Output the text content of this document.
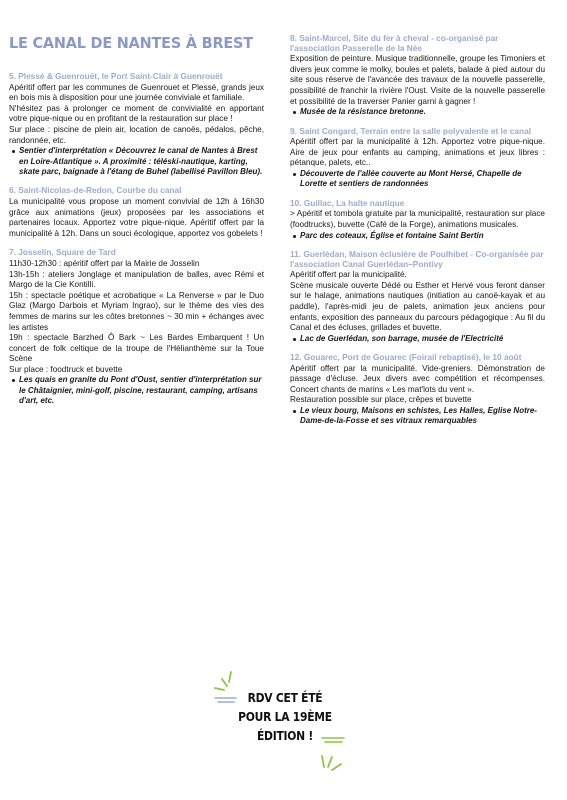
LE CANAL DE NANTES À BREST
5. Plessé & Guenrouët, le Port Saint-Clair à Guenrouët

Apéritif offert par les communes de Guenrouet et Plessé, grands jeux en bois mis à disposition pour une journée conviviale et familiale.

N'hésitez pas à prolonger ce moment de convivialité en apportant votre pique-nique ou en profitant de la restauration sur place !

Sur place : piscine de plein air, location de canoës, pédalos, pêche, randonnée, etc.

Sentier d'interprétation « Découvrez le canal de Nantes à Brest en Loire-Atlantique ». A proximité : téléski-nautique, karting, skate parc, baignade à l'étang de Buhel (labellisé Pavillon Bleu).
6. Saint-Nicolas-de-Redon, Courbe du canal

La municipalité vous propose un moment convivial de 12h à 16h30 grâce aux animations (jeux) proposées par les associations et partenaires locaux. Apportez votre pique-nique. Apéritif offert par la municipalité à 12h. Dans un souci écologique, apportez vos gobelets !

7. Josselin, Square de Tard

11h30-12h30 : apéritif offert par la Mairie de Josselin

13h-15h : ateliers Jonglage et manipulation de balles, avec Rémi et Margo de la Cie Kontilli.

15h : spectacle poétique et acrobatique « La Renverse » par le Duo Glaz (Margo Darbois et Myriam Ingrao), sur le thème des vies des femmes de marins sur les côtes bretonnes ~ 30 min + échanges avec les artistes

19h : spectacle Barzhed Ô Bark ~ Les Bardes Embarquent ! Un concert de folk celtique de la troupe de l'Hélianthème sur la Toue Scène

Sur place : foodtruck et buvette

Les quais en granite du Pont d'Oust, sentier d'interprétation sur le Châtaignier, mini-golf, piscine, restaurant, camping, artisans d'art, etc.
8. Saint-Marcel, Site du fer à cheval - co-organisé par l'association Passerelle de la Née

Exposition de peinture. Musique traditionnelle, groupe les Timoniers et divers jeux comme le molky, boules et palets, balade à pied autour du site sous réserve de l'avancée des travaux de la nouvelle passerelle, possibilité de franchir la rivière l'Oust. Visite de la nouvelle passerelle et possibilité de la traverser Panier garni à gagner !

Musée de la résistance bretonne.
9. Saint Congard, Terrain entre la salle polyvalente et le canal

Apéritif offert par la municipalité à 12h. Apportez votre pique-nique. Aire de jeux pour enfants au camping, animations et jeux libres : pétanque, palets, etc..

Découverte de l'allée couverte au Mont Hersé, Chapelle de Lorette et sentiers de randonnées
10. Guillac, La halte nautique

> Apéritif et tombola gratuite par la municipalité, restauration sur place (foodtrucks), buvette (Café de la Forge), animations musicales.

Parc des coteaux, Église et fontaine Saint Bertin
11. Guerlédan, Maison éclusière de Poulhibet - Co-organisée par l'association Canal Guerlédan–Pontivy

Apéritif offert par la municipalité.

Scène musicale ouverte Dédé ou Esther et Hervé vous feront danser sur le halage, animations nautiques (initiation au canoë-kayak et au paddle), l'après-midi jeu de palets, animation jeux anciens pour enfants, exposition des panneaux du parcours pédagogique : Au fil du Canal et des écluses, grillades et buvette.

Lac de Guerlédan, son barrage, musée de l'Electricité
12. Gouarec, Port de Gouarec (Foirail rebaptisé), le 10 août

Apéritif offert par la municipalité. Vide-greniers. Démonstration de passage d'écluse. Jeux divers avec compétition et récompenses. Concert chants de marins « Les mat'lots du vent ».

Restauration possible sur place, crêpes et buvette

Le vieux bourg, Maisons en schistes, Les Halles, Eglise Notre-Dame-de-la-Fosse et ses vitraux remarquables
RDV CET ÉTÉ
POUR LA 19ÈME
ÉDITION !
